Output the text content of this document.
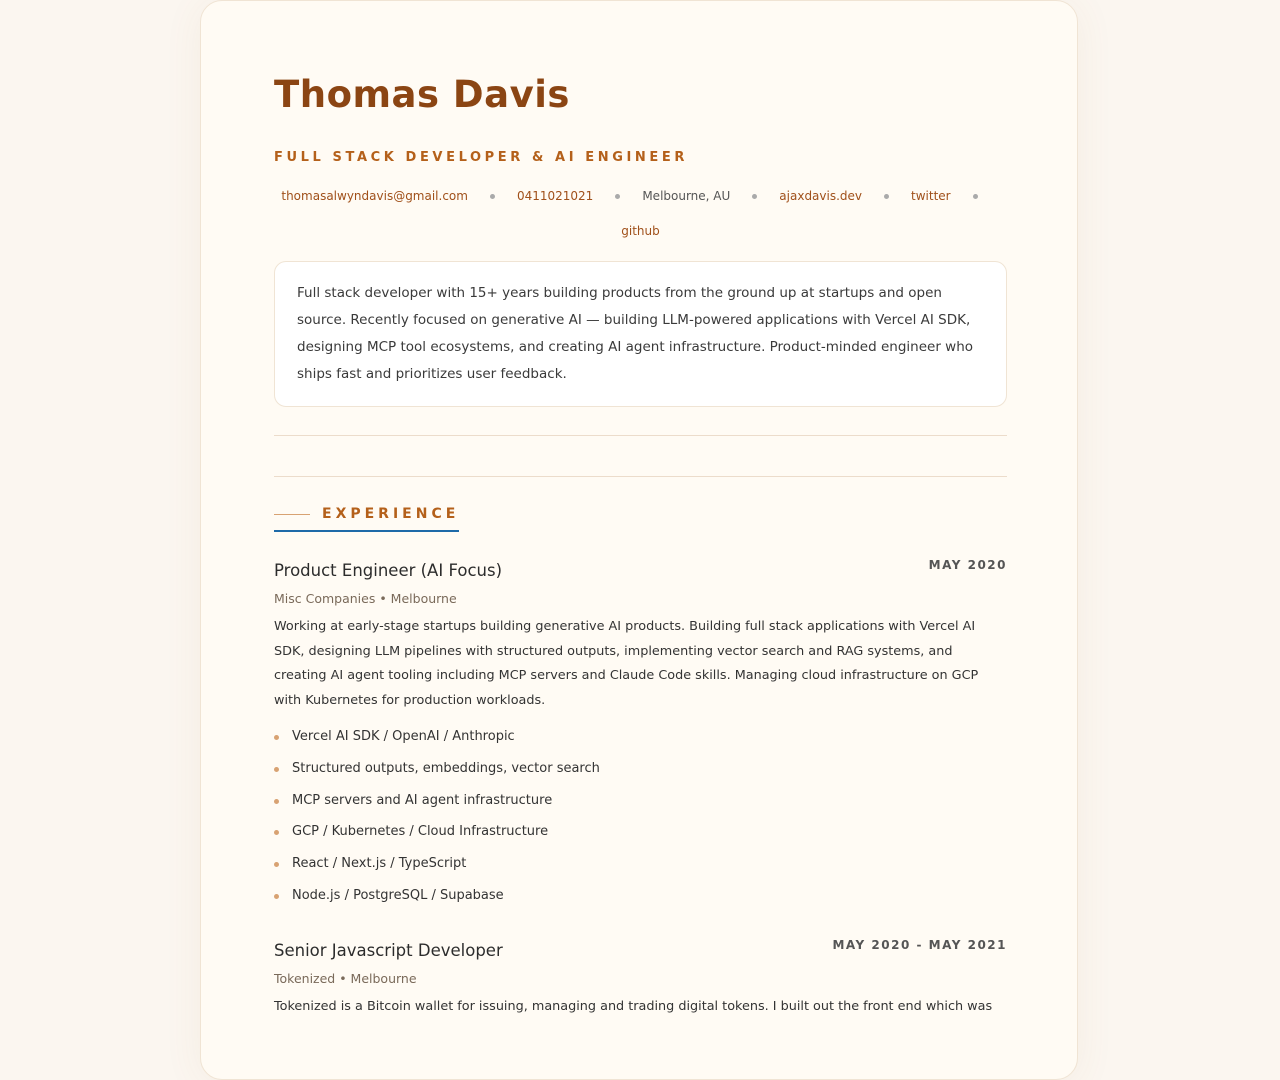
Thomas Davis
FULL STACK DEVELOPER & AI ENGINEER
thomasalwyndavis@gmail.com	0411021021	Melbourne, AU	ajaxdavis.dev	twitter
github
Full stack developer with 15+ years building products from the ground up at startups and open source. Recently focused on generative AI — building LLM-powered applications with Vercel AI SDK, designing MCP tool ecosystems, and creating AI agent infrastructure. Product-minded engineer who ships fast and prioritizes user feedback.
EXPERIENCE
Product Engineer (AI Focus)	MAY 2020
Misc Companies • Melbourne
Working at early-stage startups building generative AI products. Building full stack applications with Vercel AI SDK, designing LLM pipelines with structured outputs, implementing vector search and RAG systems, and creating AI agent tooling including MCP servers and Claude Code skills. Managing cloud infrastructure on GCP with Kubernetes for production workloads.
Vercel AI SDK / OpenAI / Anthropic
Structured outputs, embeddings, vector search
MCP servers and AI agent infrastructure
GCP / Kubernetes / Cloud Infrastructure
React / Next.js / TypeScript
Node.js / PostgreSQL / Supabase
Senior Javascript Developer	MAY 2020 - MAY 2021
Tokenized • Melbourne
Tokenized is a Bitcoin wallet for issuing, managing and trading digital tokens. I built out the front end which was
